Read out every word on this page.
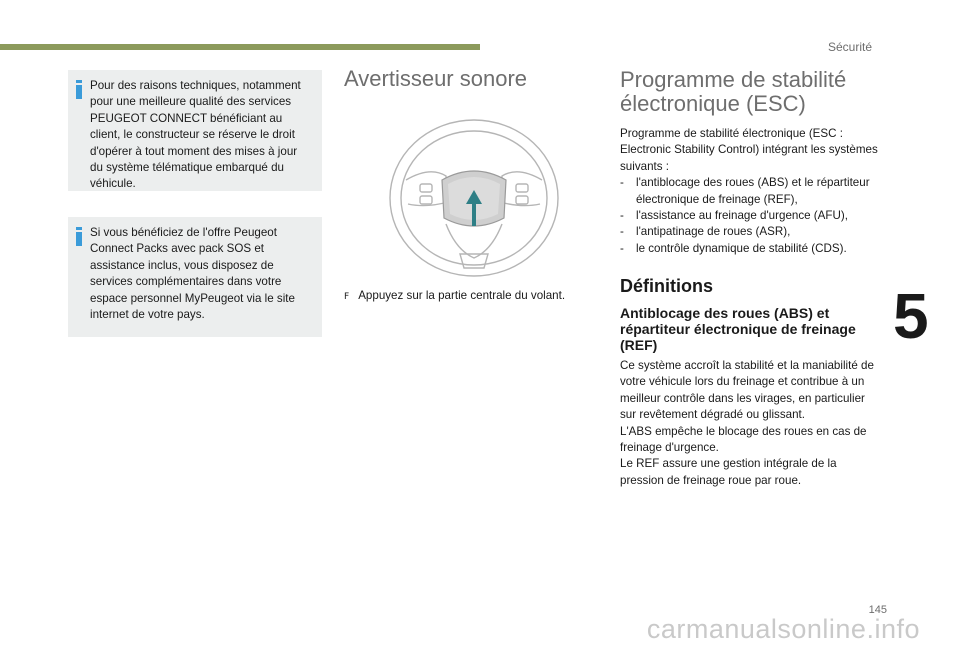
Sécurité
5
Pour des raisons techniques, notamment pour une meilleure qualité des services PEUGEOT CONNECT bénéficiant au client, le constructeur se réserve le droit d'opérer à tout moment des mises à jour du système télématique embarqué du véhicule.
Si vous bénéficiez de l'offre Peugeot Connect Packs avec pack SOS et assistance inclus, vous disposez de services complémentaires dans votre espace personnel MyPeugeot via le site internet de votre pays.
Avertisseur sonore
F Appuyez sur la partie centrale du volant.
Programme de stabilité électronique (ESC)
Programme de stabilité électronique (ESC : Electronic Stability Control) intégrant les systèmes suivants :
- l'antiblocage des roues (ABS) et le répartiteur électronique de freinage (REF),
- l'assistance au freinage d'urgence (AFU),
- l'antipatinage de roues (ASR),
- le contrôle dynamique de stabilité (CDS).
Définitions
Antiblocage des roues (ABS) et répartiteur électronique de freinage (REF)
Ce système accroît la stabilité et la maniabilité de votre véhicule lors du freinage et contribue à un meilleur contrôle dans les virages, en particulier sur revêtement dégradé ou glissant.
L'ABS empêche le blocage des roues en cas de freinage d'urgence.
Le REF assure une gestion intégrale de la pression de freinage roue par roue.
145
carmanualsonline.info
